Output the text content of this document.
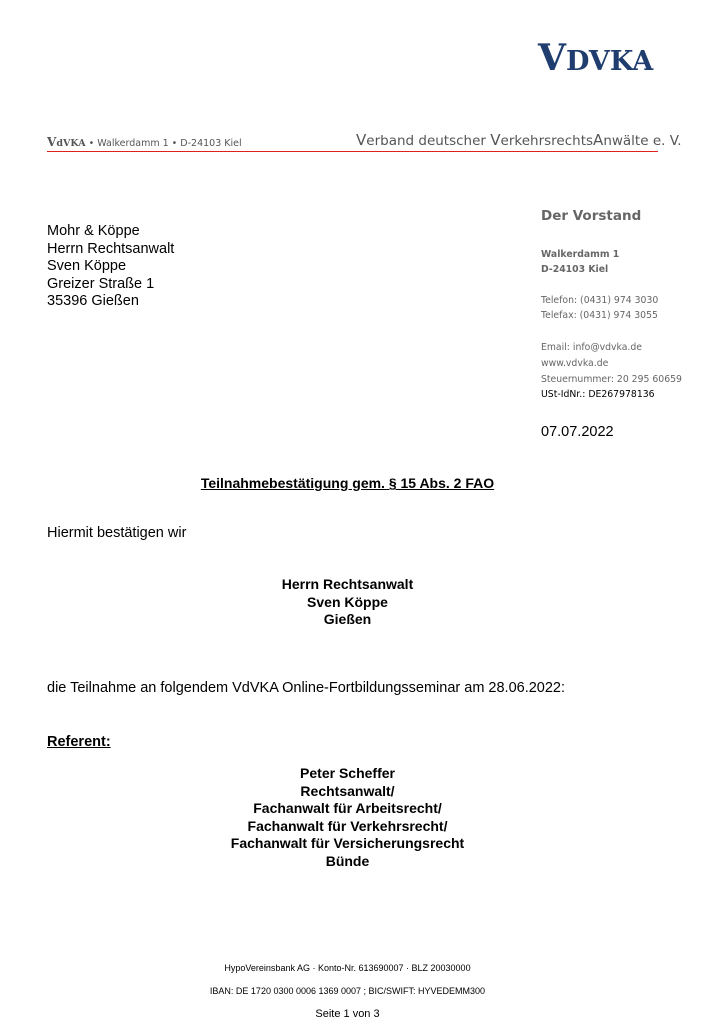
VDVKA
VdVKA • Walkerdamm 1 • D-24103 Kiel	Verband deutscher VerkehrsrechtsAnwälte e. V.
Mohr & Köppe
Herrn Rechtsanwalt
Sven Köppe
Greizer Straße 1
35396 Gießen
Der Vorstand
Walkerdamm 1
D-24103 Kiel
Telefon: (0431) 974 3030
Telefax: (0431) 974 3055
Email: info@vdvka.de
www.vdvka.de
Steuernummer: 20 295 60659
USt-IdNr.: DE267978136
07.07.2022
Teilnahmebestätigung gem. § 15 Abs. 2 FAO
Hiermit bestätigen wir
Herrn Rechtsanwalt
Sven Köppe
Gießen
die Teilnahme an folgendem VdVKA Online-Fortbildungsseminar am 28.06.2022:
Referent:
Peter Scheffer
Rechtsanwalt/
Fachanwalt für Arbeitsrecht/
Fachanwalt für Verkehrsrecht/
Fachanwalt für Versicherungsrecht
Bünde
HypoVereinsbank AG · Konto-Nr. 613690007 · BLZ 20030000
IBAN: DE 1720 0300 0006 1369 0007 ; BIC/SWIFT: HYVEDEMM300
Seite 1 von 3
